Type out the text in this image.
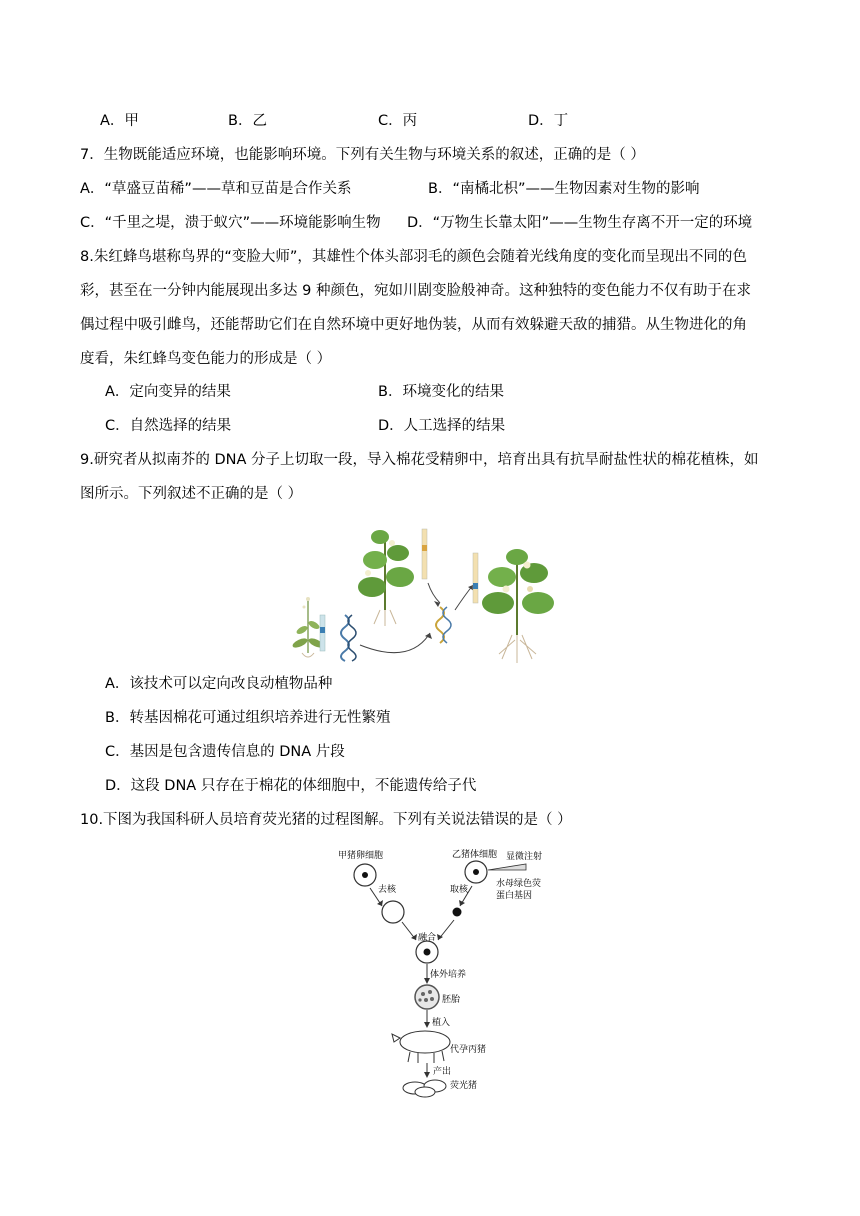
A．甲	B．乙	C．丙	D．丁
7．生物既能适应环境，也能影响环境。下列有关生物与环境关系的叙述，正确的是（ ）
A．“草盛豆苗稀”——草和豆苗是合作关系	B．“南橘北枳”——生物因素对生物的影响
C．“千里之堤，溃于蚁穴”——环境能影响生物 D．“万物生长靠太阳”——生物生存离不开一定的环境
8.朱红蜂鸟堪称鸟界的“变脸大师”，其雄性个体头部羽毛的颜色会随着光线角度的变化而呈现出不同的色
彩，甚至在一分钟内能展现出多达 9 种颜色，宛如川剧变脸般神奇。这种独特的变色能力不仅有助于在求
偶过程中吸引雌鸟，还能帮助它们在自然环境中更好地伪装，从而有效躲避天敌的捕猎。从生物进化的角
度看，朱红蜂鸟变色能力的形成是（ ）
A．定向变异的结果	B．环境变化的结果
C．自然选择的结果	D．人工选择的结果
9.研究者从拟南芥的 DNA 分子上切取一段，导入棉花受精卵中，培育出具有抗旱耐盐性状的棉花植株，如
图所示。下列叙述不正确的是（ ）
A．该技术可以定向改良动植物品种
B．转基因棉花可通过组织培养进行无性繁殖
C．基因是包含遗传信息的 DNA 片段
D．这段 DNA 只存在于棉花的体细胞中，不能遗传给子代
10.下图为我国科研人员培育荧光猪的过程图解。下列有关说法错误的是（ ）
甲猪卵细胞	乙猪体细胞 显微注射
水母绿色荧
蛋白基因
去核	取核
融合
体外培养
胚胎
植入
代孕丙猪
产出
荧光猪
